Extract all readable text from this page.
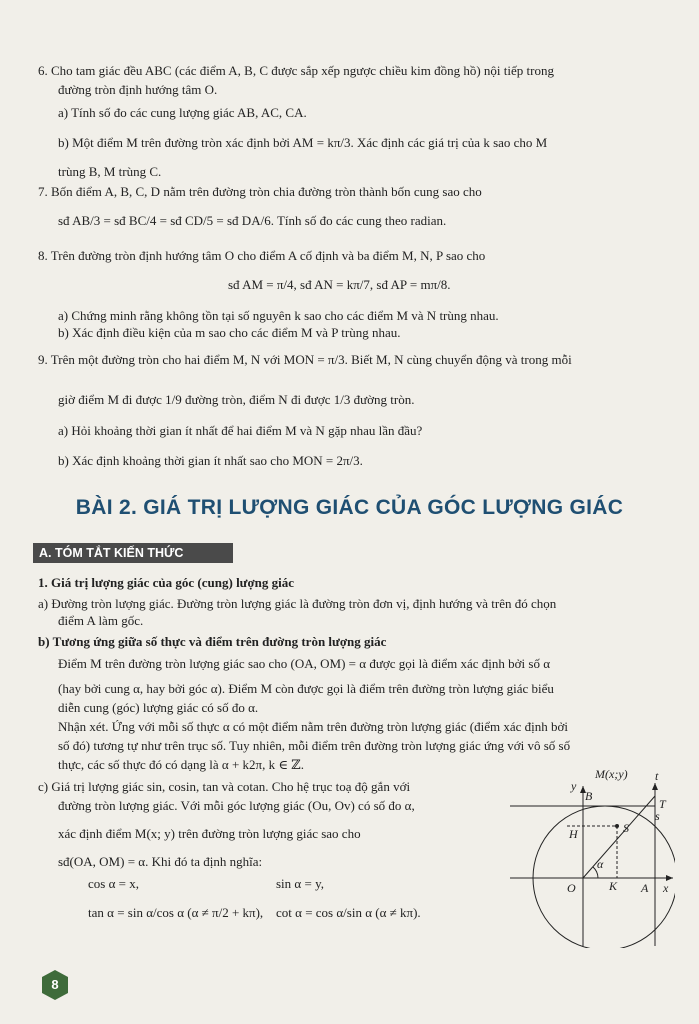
6. Cho tam giác đều ABC (các điểm A, B, C được sắp xếp ngược chiều kim đồng hồ) nội tiếp trong
đường tròn định hướng tâm O.
a) Tính số đo các cung lượng giác AB, AC, CA.
b) Một điểm M trên đường tròn xác định bởi AM = kπ/3. Xác định các giá trị của k sao cho M
trùng B, M trùng C.
7. Bốn điểm A, B, C, D nằm trên đường tròn chia đường tròn thành bốn cung sao cho
sđ AB/3 = sđ BC/4 = sđ CD/5 = sđ DA/6. Tính số đo các cung theo radian.
8. Trên đường tròn định hướng tâm O cho điểm A cố định và ba điểm M, N, P sao cho
sđ AM = π/4, sđ AN = kπ/7, sđ AP = mπ/8.
a) Chứng minh rằng không tồn tại số nguyên k sao cho các điểm M và N trùng nhau.
b) Xác định điều kiện của m sao cho các điểm M và P trùng nhau.
9. Trên một đường tròn cho hai điểm M, N với MON = π/3. Biết M, N cùng chuyển động và trong mỗi
giờ điểm M đi được 1/9 đường tròn, điểm N đi được 1/3 đường tròn.
a) Hỏi khoảng thời gian ít nhất để hai điểm M và N gặp nhau lần đầu?
b) Xác định khoảng thời gian ít nhất sao cho MON = 2π/3.
1. Giá trị lượng giác của góc (cung) lượng giác
a) Đường tròn lượng giác. Đường tròn lượng giác là đường tròn đơn vị, định hướng và trên đó chọn
điểm A làm gốc.
b) Tương ứng giữa số thực và điểm trên đường tròn lượng giác
Điểm M trên đường tròn lượng giác sao cho (OA, OM) = α được gọi là điểm xác định bởi số α
(hay bởi cung α, hay bởi góc α). Điểm M còn được gọi là điểm trên đường tròn lượng giác biểu
diễn cung (góc) lượng giác có số đo α.
Nhận xét. Ứng với mỗi số thực α có một điểm nằm trên đường tròn lượng giác (điểm xác định bởi
số đó) tương tự như trên trục số. Tuy nhiên, mỗi điểm trên đường tròn lượng giác ứng với vô số số
thực, các số thực đó có dạng là α + k2π, k ∈ ℤ.
c) Giá trị lượng giác sin, cosin, tan và cotan. Cho hệ trục toạ độ gắn với
đường tròn lượng giác. Với mỗi góc lượng giác (Ou, Ov) có số đo α,
xác định điểm M(x; y) trên đường tròn lượng giác sao cho
sđ(OA, OM) = α. Khi đó ta định nghĩa:
cos α = x,	sin α = y,
tan α = sin α/cos α (α ≠ π/2 + kπ), cot α = cos α/sin α (α ≠ kπ).
BÀI 2. GIÁ TRỊ LƯỢNG GIÁC CỦA GÓC LƯỢNG GIÁC
A. TÓM TẮT KIẾN THỨC
M(x;y)
y
t
B
T
H	S
s
α
O	K A x
8
